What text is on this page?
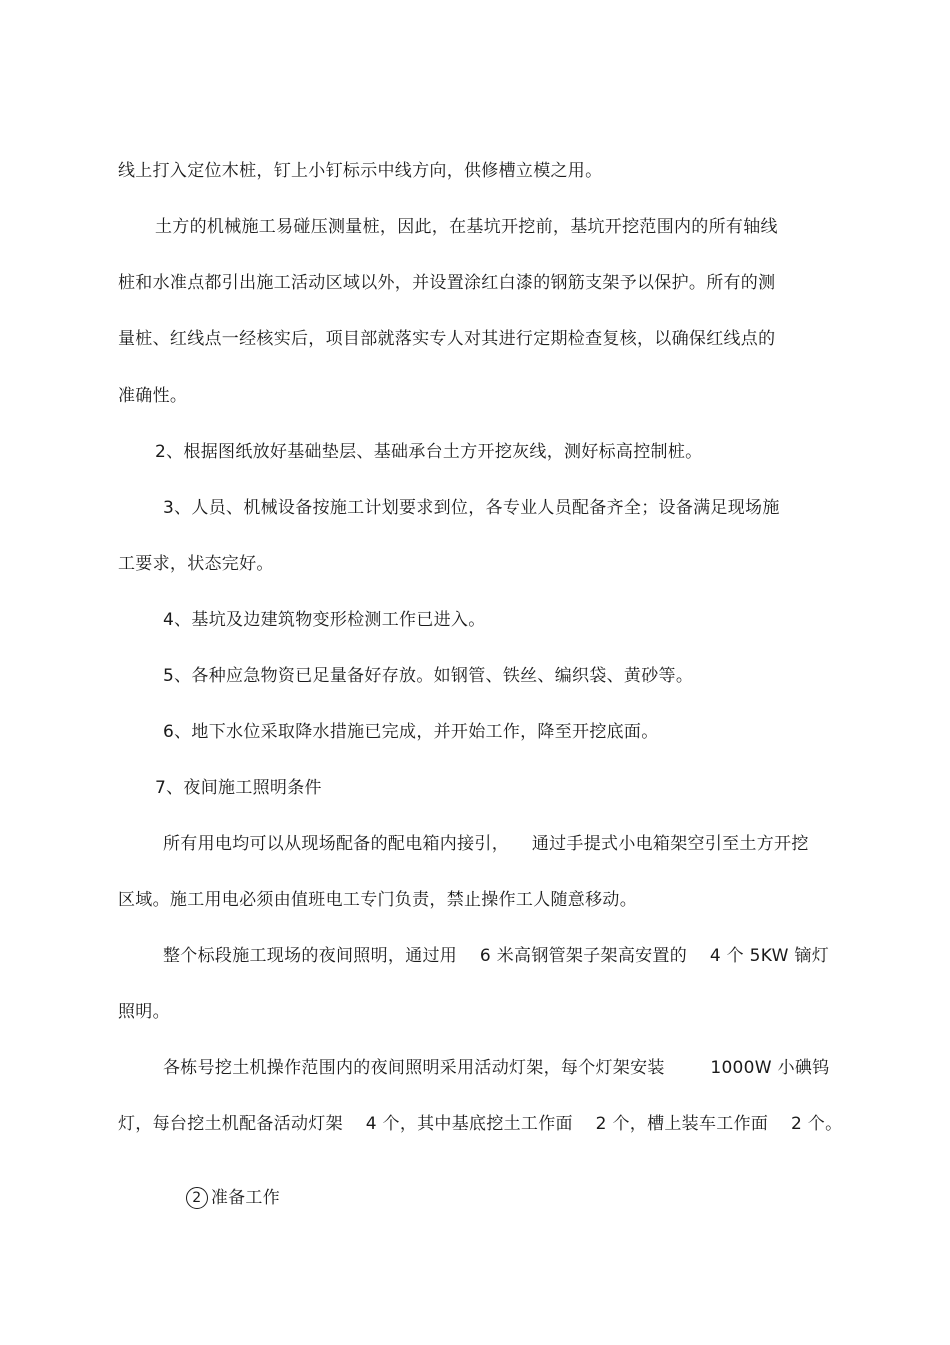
线上打入定位木桩，钉上小钉标示中线方向，供修槽立模之用。
土方的机械施工易碰压测量桩，因此，在基坑开挖前，基坑开挖范围内的所有轴线
桩和水准点都引出施工活动区域以外，并设置涂红白漆的钢筋支架予以保护。所有的测
量桩、红线点一经核实后，项目部就落实专人对其进行定期检查复核，以确保红线点的
准确性。
2、根据图纸放好基础垫层、基础承台土方开挖灰线，测好标高控制桩。
3、人员、机械设备按施工计划要求到位，各专业人员配备齐全；设备满足现场施
工要求，状态完好。
4、基坑及边建筑物变形检测工作已进入。
5、各种应急物资已足量备好存放。如钢管、铁丝、编织袋、黄砂等。
6、地下水位采取降水措施已完成，并开始工作，降至开挖底面。
7、夜间施工照明条件
所有用电均可以从现场配备的配电箱内接引，    通过手提式小电箱架空引至土方开挖
区域。施工用电必须由值班电工专门负责，禁止操作工人随意移动。
整个标段施工现场的夜间照明，通过用    6 米高钢管架子架高安置的    4 个 5KW 镝灯
照明。
各栋号挖土机操作范围内的夜间照明采用活动灯架，每个灯架安装        1000W 小碘钨
灯，每台挖土机配备活动灯架    4 个，其中基底挖土工作面    2 个，槽上装车工作面    2 个。

2 准备工作
